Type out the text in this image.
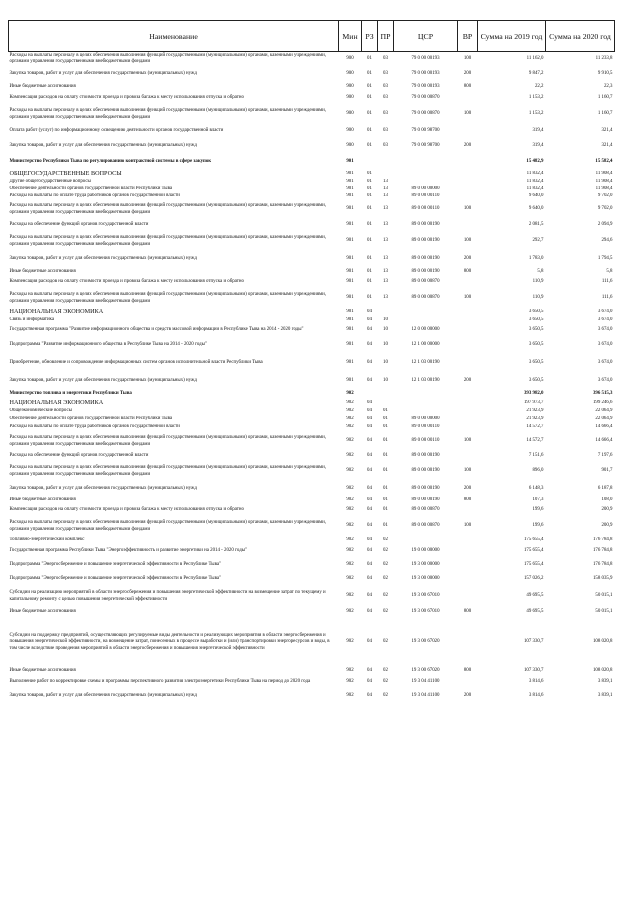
Наименование	Мин	РЗ	ПР	ЦСР	ВР	Сумма на 2019 год	Сумма на 2020 год
Расходы на выплаты персоналу в целях обеспечения выполнения функций государственными (муниципальными) органами, казенными учреждениями, органами управления государственными внебюджетными фондами	900	01	03	79 0 00 00193	100	11 162,0	11 233,8
Закупка товаров, работ и услуг для обеспечения государственных (муниципальных) нужд	900	01	03	79 0 00 00193	200	9 847,2	9 910,5
Иные бюджетные ассигнования	900	01	03	79 0 00 00193	800	22,2	22,3
Компенсация расходов на оплату стоимости проезда и провоза багажа к месту использования отпуска и обратно	900	01	03	79 0 00 00870		1 153,2	1 160,7
Расходы на выплаты персоналу в целях обеспечения выполнения функций государственными (муниципальными) органами, казенными учреждениями, органами управления государственными внебюджетными фондами	900	01	03	79 0 00 00870	100	1 153,2	1 160,7
Оплата работ (услуг) по информационному освещению деятельности органов государственной власти	900	01	03	79 0 00 98700		319,4	321,4
Закупка товаров, работ и услуг для обеспечения государственных (муниципальных) нужд	900	01	03	79 0 00 98700	200	319,4	321,4
Министерство Республики Тыва по регулированию контрактной системы в сфере закупок	901					15 482,9	15 582,4
ОБЩЕГОСУДАРСТВЕННЫЕ ВОПРОСЫ	901	01				11 832,4	11 908,4
Другие общегосударственные вопросы	901	01	13			11 832,4	11 908,4
Обеспечение деятельности органов государственной власти Республики Тыва	901	01	13	89 0 00 00000		11 832,4	11 908,4
Расходы на выплаты по оплате труда работников органов государственной власти	901	01	13	89 0 00 00110		9 640,0	9 702,0
Расходы на выплаты персоналу в целях обеспечения выполнения функций государственными (муниципальными) органами, казенными учреждениями, органами управления государственными внебюджетными фондами	901	01	13	89 0 00 00110	100	9 640,0	9 702,0
Расходы на обеспечение функций органов государственной власти	901	01	13	89 0 00 00190		2 081,5	2 094,9
Расходы на выплаты персоналу в целях обеспечения выполнения функций государственными (муниципальными) органами, казенными учреждениями, органами управления государственными внебюджетными фондами	901	01	13	89 0 00 00190	100	292,7	294,6
Закупка товаров, работ и услуг для обеспечения государственных (муниципальных) нужд	901	01	13	89 0 00 00190	200	1 783,0	1 794,5
Иные бюджетные ассигнования	901	01	13	89 0 00 00190	800	5,8	5,8
Компенсация расходов на оплату стоимости проезда и провоза багажа к месту использования отпуска и обратно	901	01	13	89 0 00 00870		110,9	111,6
Расходы на выплаты персоналу в целях обеспечения выполнения функций государственными (муниципальными) органами, казенными учреждениями, органами управления государственными внебюджетными фондами	901	01	13	89 0 00 00870	100	110,9	111,6
НАЦИОНАЛЬНАЯ ЭКОНОМИКА	901	04				3 650,5	3 674,0
Связь и информатика	901	04	10			3 650,5	3 674,0
Государственная программа "Развитие информационного общества и средств массовой информации в Республике Тыва на 2014 - 2020 годы"	901	04	10	12 0 00 00000		3 650,5	3 674,0
Подпрограмма "Развитие информационного общества в Республике Тыва на 2014 - 2020 годы"	901	04	10	12 1 00 00000		3 650,5	3 674,0
Приобретение, обновление и сопровождение информационных систем органов исполнительной власти Республики Тыва	901	04	10	12 1 03 00190		3 650,5	3 674,0
Закупка товаров, работ и услуг для обеспечения государственных (муниципальных) нужд	901	04	10	12 1 03 00190	200	3 650,5	3 674,0
Министерство топлива и энергетики Республики Тыва	902					393 982,0	396 515,3
НАЦИОНАЛЬНАЯ ЭКОНОМИКА	902	04				197 973,7	199 246,6
Общеэкономические вопросы	902	04	01			21 923,9	22 064,9
Обеспечение деятельности органов государственной власти Республики Тыва	902	04	01	89 0 00 00000		21 923,9	22 064,9
Расходы на выплаты по оплате труда работников органов государственной власти	902	04	01	89 0 00 00110		14 572,7	14 666,4
Расходы на выплаты персоналу в целях обеспечения выполнения функций государственными (муниципальными) органами, казенными учреждениями, органами управления государственными внебюджетными фондами	902	04	01	89 0 00 00110	100	14 572,7	14 666,4
Расходы на обеспечение функций органов государственной власти	902	04	01	89 0 00 00190		7 151,6	7 197,6
Расходы на выплаты персоналу в целях обеспечения выполнения функций государственными (муниципальными) органами, казенными учреждениями, органами управления государственными внебюджетными фондами	902	04	01	89 0 00 00190	100	896,0	901,7
Закупка товаров, работ и услуг для обеспечения государственных (муниципальных) нужд	902	04	01	89 0 00 00190	200	6 148,3	6 187,8
Иные бюджетные ассигнования	902	04	01	89 0 00 00190	800	107,3	108,0
Компенсация расходов на оплату стоимости проезда и провоза багажа к месту использования отпуска и обратно	902	04	01	89 0 00 00870		199,6	200,9
Расходы на выплаты персоналу в целях обеспечения выполнения функций государственными (муниципальными) органами, казенными учреждениями, органами управления государственными внебюджетными фондами	902	04	01	89 0 00 00870	100	199,6	200,9
Топливно-энергетический комплекс	902	04	02			175 655,4	176 784,8
Государственная программа Республики Тыва "Энергоэффективность и развитие энергетики на 2014 - 2020 годы"	902	04	02	19 0 00 00000		175 655,4	176 784,8
Подпрограмма "Энергосбережение и повышение энергетической эффективности в Республике Тыва"	902	04	02	19 3 00 00000		175 655,4	176 784,8
Подпрограмма "Энергосбережение и повышение энергетической эффективности в Республике Тыва"	902	04	02	19 3 00 00000		157 026,2	158 035,9
Субсидии на реализацию мероприятий в области энергосбережения и повышения энергетической эффективности на возмещение затрат по текущему и капитальному ремонту с целью повышения энергетической эффективности	902	04	02	19 3 00 67010		49 695,5	50 015,1
Иные бюджетные ассигнования	902	04	02	19 3 00 67010	800	49 695,5	50 015,1
Субсидии на поддержку предприятий, осуществляющих регулируемые виды деятельности и реализующих мероприятия в области энергосбережения и повышения энергетической эффективности, на возмещение затрат, понесенных в процессе выработки и (или) транспортировки энергоресурсов и воды, в том числе вследствие проведения мероприятий в области энергосбережения и повышения энергетической эффективности	902	04	02	19 3 00 67020		107 330,7	108 020,8
Иные бюджетные ассигнования	902	04	02	19 3 00 67020	800	107 330,7	108 020,8
Выполнение работ по корректировке схемы и программы перспективного развития электроэнергетики Республики Тыва на период до 2020 года	902	04	02	19 3 04 41100		3 814,6	3 839,1
Закупка товаров, работ и услуг для обеспечения государственных (муниципальных) нужд	902	04	02	19 3 04 41100	200	3 814,6	3 839,1
